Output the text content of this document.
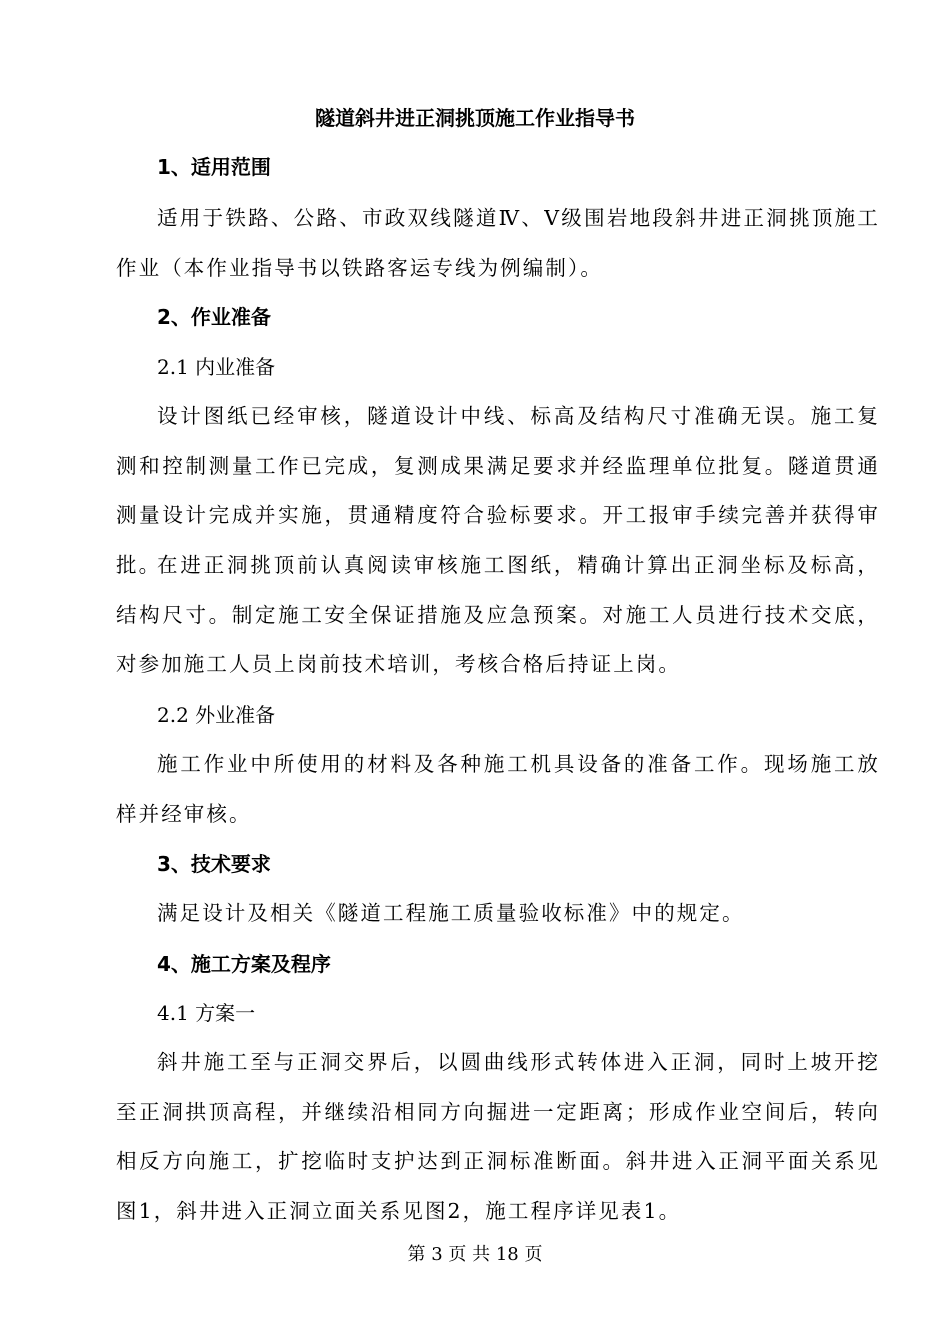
隧道斜井进正洞挑顶施工作业指导书
1、适用范围
适用于铁路、公路、市政双线隧道Ⅳ、Ⅴ级围岩地段斜井进正洞挑顶施工作业（本作业指导书以铁路客运专线为例编制）。
2、作业准备
2.1 内业准备
设计图纸已经审核，隧道设计中线、标高及结构尺寸准确无误。施工复测和控制测量工作已完成，复测成果满足要求并经监理单位批复。隧道贯通测量设计完成并实施，贯通精度符合验标要求。开工报审手续完善并获得审批。
在进正洞挑顶前认真阅读审核施工图纸，精确计算出正洞坐标及标高，结构尺寸。制定施工安全保证措施及应急预案。对施工人员进行技术交底，对参加施工人员上岗前技术培训，考核合格后持证上岗。
2.2 外业准备
施工作业中所使用的材料及各种施工机具设备的准备工作。现场施工放样并经审核。
3、技术要求
满足设计及相关《隧道工程施工质量验收标准》中的规定。
4、施工方案及程序
4.1 方案一
斜井施工至与正洞交界后，以圆曲线形式转体进入正洞，同时上坡开挖至正洞拱顶高程，并继续沿相同方向掘进一定距离；形成作业空间后，转向相反方向施工，扩挖临时支护达到正洞标准断面。斜井进入正洞平面关系见图1，斜井进入正洞立面关系见图2，施工程序详见表1。
第 3 页 共 18 页
